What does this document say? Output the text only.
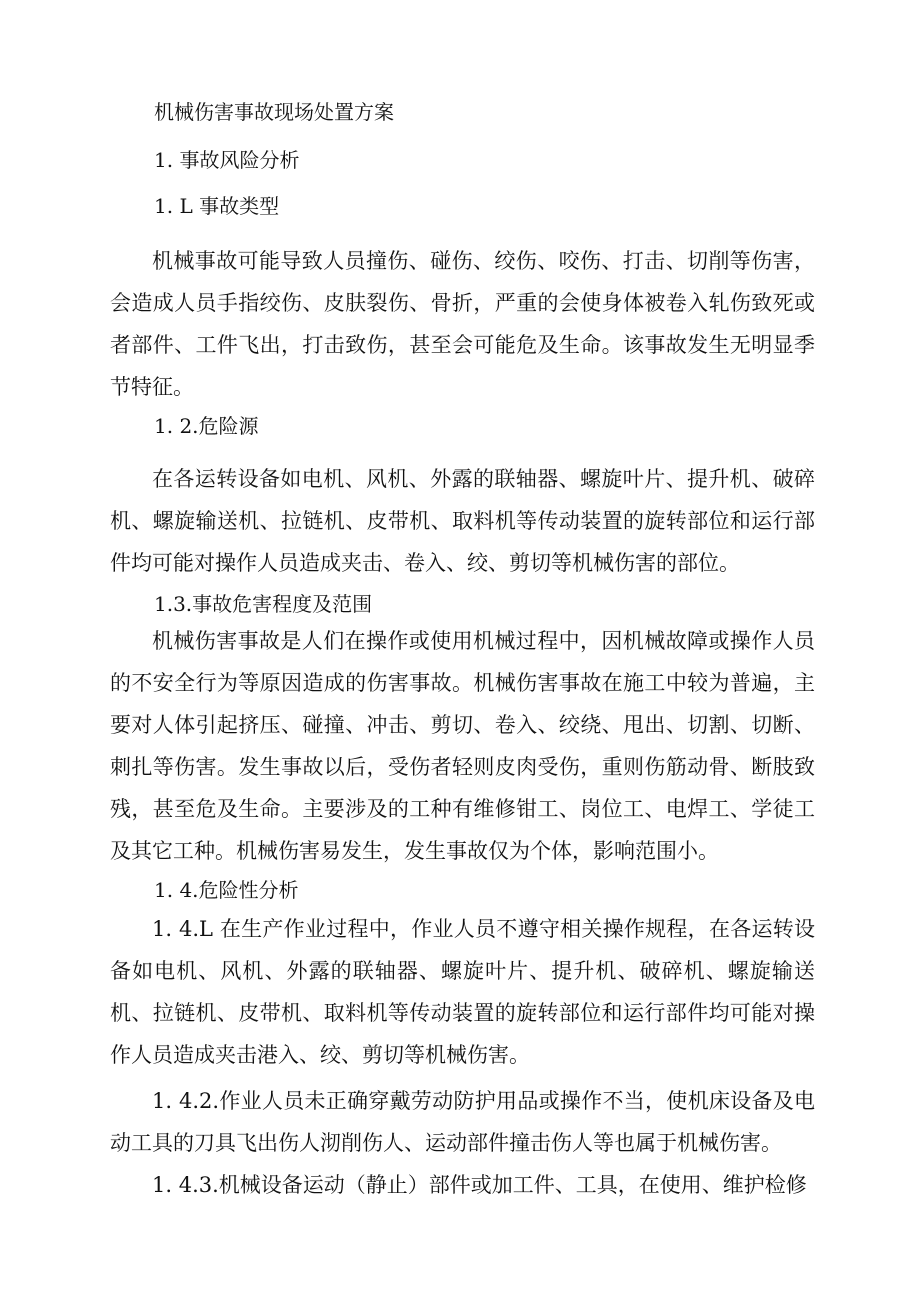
机械伤害事故现场处置方案
1. 事故风险分析
1. L 事故类型
机械事故可能导致人员撞伤、碰伤、绞伤、咬伤、打击、切削等伤害，会造成人员手指绞伤、皮肤裂伤、骨折，严重的会使身体被卷入轧伤致死或者部件、工件飞出，打击致伤，甚至会可能危及生命。该事故发生无明显季节特征。
1. 2.危险源
在各运转设备如电机、风机、外露的联轴器、螺旋叶片、提升机、破碎机、螺旋输送机、拉链机、皮带机、取料机等传动装置的旋转部位和运行部件均可能对操作人员造成夹击、卷入、绞、剪切等机械伤害的部位。
1.3.事故危害程度及范围
机械伤害事故是人们在操作或使用机械过程中，因机械故障或操作人员的不安全行为等原因造成的伤害事故。机械伤害事故在施工中较为普遍，主要对人体引起挤压、碰撞、冲击、剪切、卷入、绞绕、甩出、切割、切断、刺扎等伤害。发生事故以后，受伤者轻则皮肉受伤，重则伤筋动骨、断肢致残，甚至危及生命。主要涉及的工种有维修钳工、岗位工、电焊工、学徒工及其它工种。机械伤害易发生，发生事故仅为个体，影响范围小。
1. 4.危险性分析
1. 4.L 在生产作业过程中，作业人员不遵守相关操作规程，在各运转设备如电机、风机、外露的联轴器、螺旋叶片、提升机、破碎机、螺旋输送机、拉链机、皮带机、取料机等传动装置的旋转部位和运行部件均可能对操作人员造成夹击港入、绞、剪切等机械伤害。
1. 4.2.作业人员未正确穿戴劳动防护用品或操作不当，使机床设备及电动工具的刀具飞出伤人沏削伤人、运动部件撞击伤人等也属于机械伤害。
1. 4.3.机械设备运动（静止）部件或加工件、工具，在使用、维护检修
